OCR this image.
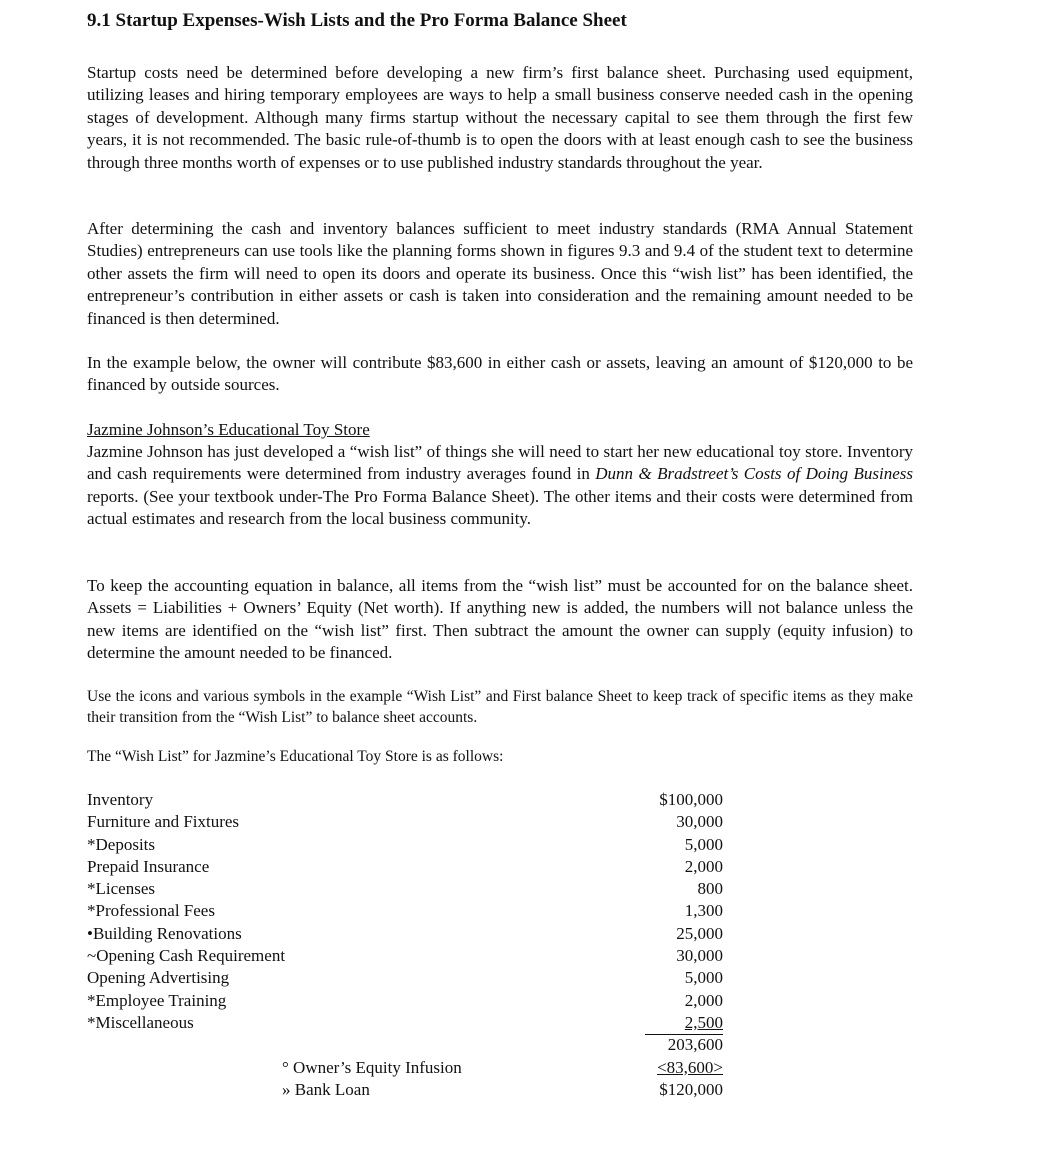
9.1 Startup Expenses-Wish Lists and the Pro Forma Balance Sheet

Startup costs need be determined before developing a new firm’s first balance sheet. Purchasing used equipment, utilizing leases and hiring temporary employees are ways to help a small business conserve needed cash in the opening stages of development. Although many firms startup without the necessary capital to see them through the first few years, it is not recommended. The basic rule-of-thumb is to open the doors with at least enough cash to see the business through three months worth of expenses or to use published industry standards throughout the year.

After determining the cash and inventory balances sufficient to meet industry standards (RMA Annual Statement Studies) entrepreneurs can use tools like the planning forms shown in figures 9.3 and 9.4 of the student text to determine other assets the firm will need to open its doors and operate its business. Once this “wish list” has been identified, the entrepreneur’s contribution in either assets or cash is taken into consideration and the remaining amount needed to be financed is then determined.

In the example below, the owner will contribute $83,600 in either cash or assets, leaving an amount of $120,000 to be financed by outside sources.

Jazmine Johnson’s Educational Toy Store

Jazmine Johnson has just developed a “wish list” of things she will need to start her new educational toy store. Inventory and cash requirements were determined from industry averages found in Dunn & Bradstreet’s Costs of Doing Business reports. (See your textbook under-The Pro Forma Balance Sheet). The other items and their costs were determined from actual estimates and research from the local business community.

To keep the accounting equation in balance, all items from the “wish list” must be accounted for on the balance sheet. Assets = Liabilities + Owners’ Equity (Net worth). If anything new is added, the numbers will not balance unless the new items are identified on the “wish list” first. Then subtract the amount the owner can supply (equity infusion) to determine the amount needed to be financed.

Use the icons and various symbols in the example “Wish List” and First balance Sheet to keep track of specific items as they make their transition from the “Wish List” to balance sheet accounts.

The “Wish List” for Jazmine’s Educational Toy Store is as follows:

Inventory	$100,000
Furniture and Fixtures	30,000
*Deposits	5,000
Prepaid Insurance	2,000
*Licenses	800
*Professional Fees	1,300
•Building Renovations	25,000
~Opening Cash Requirement	30,000
Opening Advertising	5,000
*Employee Training	2,000
*Miscellaneous	2,500
203,600
° Owner’s Equity Infusion	<83,600>
» Bank Loan	$120,000
